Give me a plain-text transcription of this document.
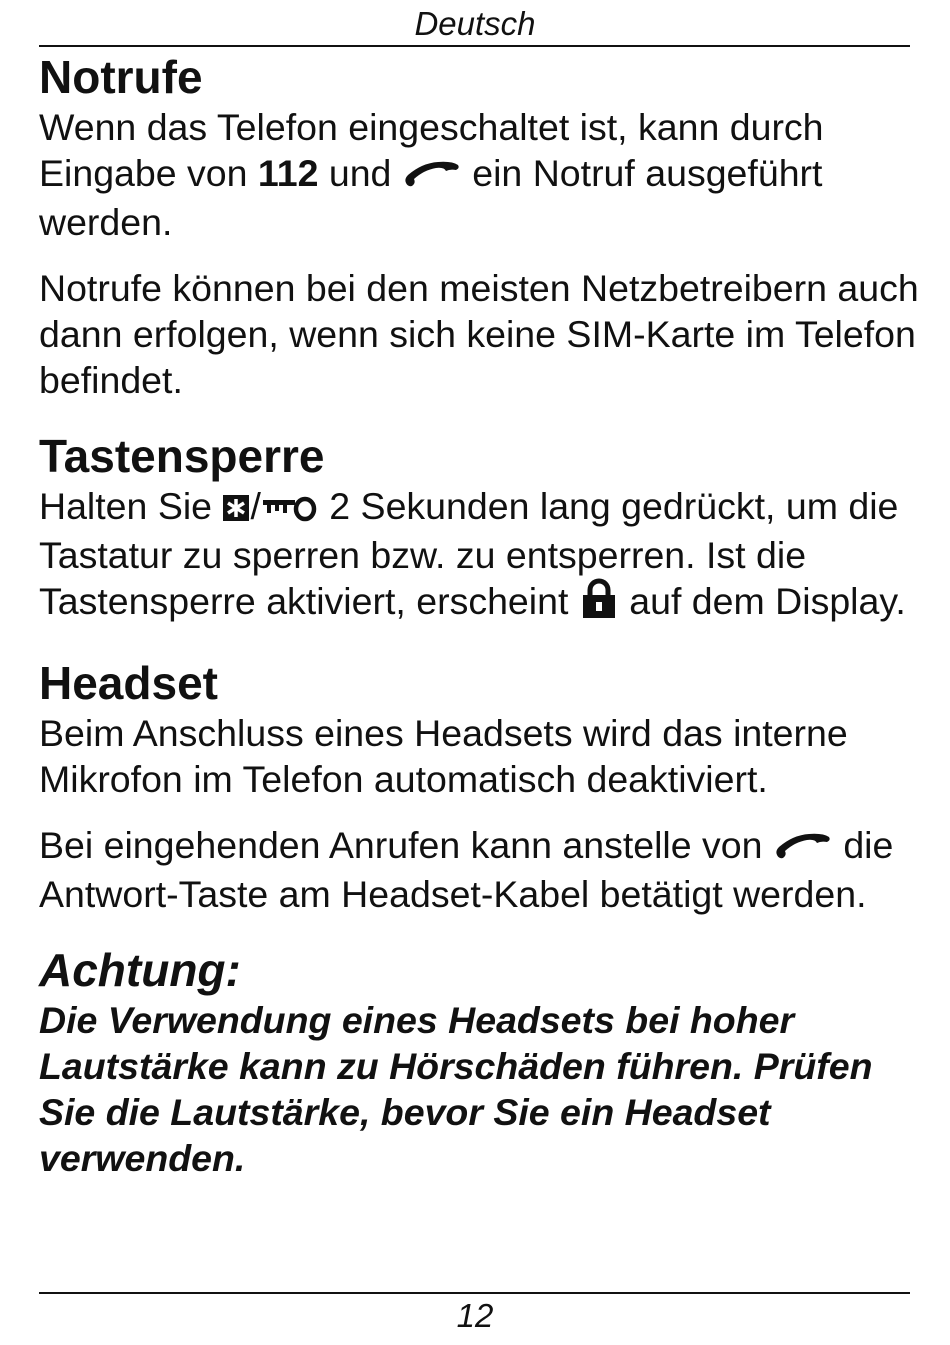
Deutsch
Notrufe

Wenn das Telefon eingeschaltet ist, kann durch Eingabe von 112 und  ein Notruf ausgeführt werden.

Notrufe können bei den meisten Netzbetreibern auch dann erfolgen, wenn sich keine SIM-Karte im Telefon befindet.

Tastensperre

Halten Sie / 2 Sekunden lang gedrückt, um die Tastatur zu sperren bzw. zu entsperren. Ist die Tastensperre aktiviert, erscheint  auf dem Display.

Headset

Beim Anschluss eines Headsets wird das interne Mikrofon im Telefon automatisch deaktiviert.

Bei eingehenden Anrufen kann anstelle von  die Antwort-Taste am Headset-Kabel betätigt werden.

Achtung:
Die Verwendung eines Headsets bei hoher Lautstärke kann zu Hörschäden führen. Prüfen Sie die Lautstärke, bevor Sie ein Headset verwenden.
12
